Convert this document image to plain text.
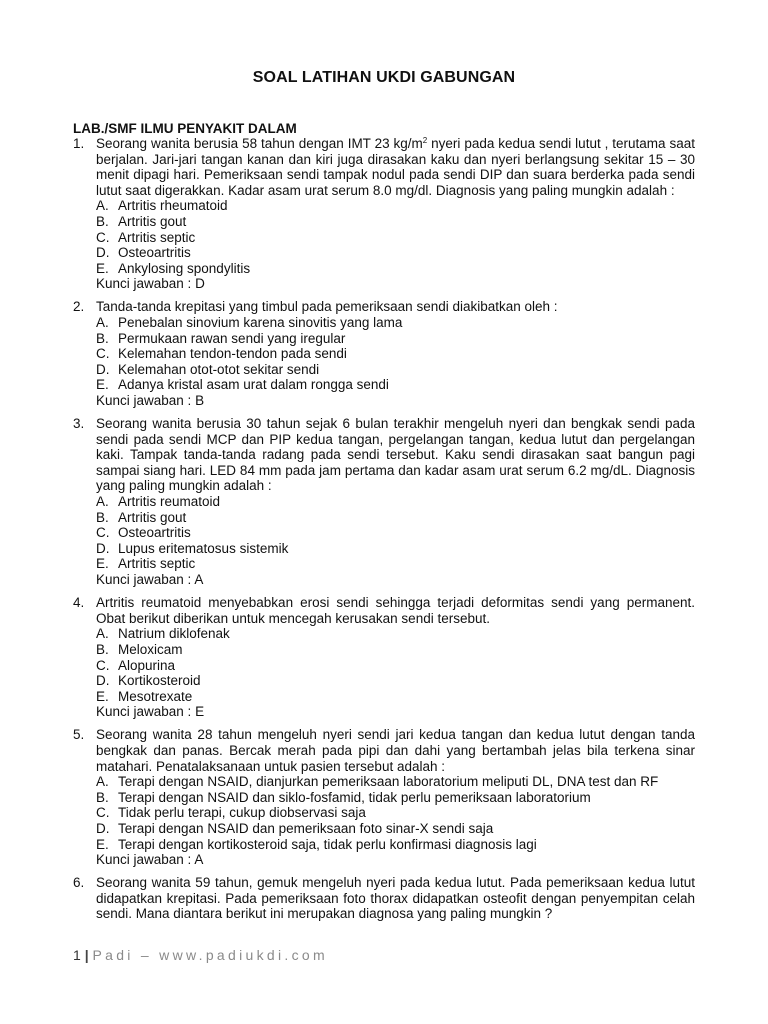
SOAL LATIHAN UKDI GABUNGAN
LAB./SMF ILMU PENYAKIT DALAM
1. Seorang wanita berusia 58 tahun dengan IMT 23 $kg/m^2$ nyeri pada kedua sendi lutut , terutama saat berjalan. Jari-jari tangan kanan dan kiri juga dirasakan kaku dan nyeri berlangsung sekitar 15 – 30 menit dipagi hari. Pemeriksaan sendi tampak nodul pada sendi DIP dan suara berderka pada sendi lutut saat digerakkan. Kadar asam urat serum 8.0 mg/dl. Diagnosis yang paling mungkin adalah :
A. Artritis rheumatoid
B. Artritis gout
C. Artritis septic
D. Osteoartritis
E. Ankylosing spondylitis
Kunci jawaban : D
2. Tanda-tanda krepitasi yang timbul pada pemeriksaan sendi diakibatkan oleh :
A. Penebalan sinovium karena sinovitis yang lama
B. Permukaan rawan sendi yang iregular
C. Kelemahan tendon-tendon pada sendi
D. Kelemahan otot-otot sekitar sendi
E. Adanya kristal asam urat dalam rongga sendi
Kunci jawaban : B
3. Seorang wanita berusia 30 tahun sejak 6 bulan terakhir mengeluh nyeri dan bengkak sendi pada sendi pada sendi MCP dan PIP kedua tangan, pergelangan tangan, kedua lutut dan pergelangan kaki. Tampak tanda-tanda radang pada sendi tersebut. Kaku sendi dirasakan saat bangun pagi sampai siang hari. LED 84 mm pada jam pertama dan kadar asam urat serum 6.2 mg/dL. Diagnosis yang paling mungkin adalah :
A. Artritis reumatoid
B. Artritis gout
C. Osteoartritis
D. Lupus eritematosus sistemik
E. Artritis septic
Kunci jawaban : A
4. Artritis reumatoid menyebabkan erosi sendi sehingga terjadi deformitas sendi yang permanent. Obat berikut diberikan untuk mencegah kerusakan sendi tersebut.
A. Natrium diklofenak
B. Meloxicam
C. Alopurina
D. Kortikosteroid
E. Mesotrexate
Kunci jawaban : E
5. Seorang wanita 28 tahun mengeluh nyeri sendi jari kedua tangan dan kedua lutut dengan tanda bengkak dan panas. Bercak merah pada pipi dan dahi yang bertambah jelas bila terkena sinar matahari. Penatalaksanaan untuk pasien tersebut adalah :
A. Terapi dengan NSAID, dianjurkan pemeriksaan laboratorium meliputi DL, DNA test dan RF
B. Terapi dengan NSAID dan siklo-fosfamid, tidak perlu pemeriksaan laboratorium
C. Tidak perlu terapi, cukup diobservasi saja
D. Terapi dengan NSAID dan pemeriksaan foto sinar-X sendi saja
E. Terapi dengan kortikosteroid saja, tidak perlu konfirmasi diagnosis lagi
Kunci jawaban : A
6. Seorang wanita 59 tahun, gemuk mengeluh nyeri pada kedua lutut. Pada pemeriksaan kedua lutut didapatkan krepitasi. Pada pemeriksaan foto thorax didapatkan osteofit dengan penyempitan celah sendi. Mana diantara berikut ini merupakan diagnosa yang paling mungkin ?
1 | Padi – www.padiukdi.com
